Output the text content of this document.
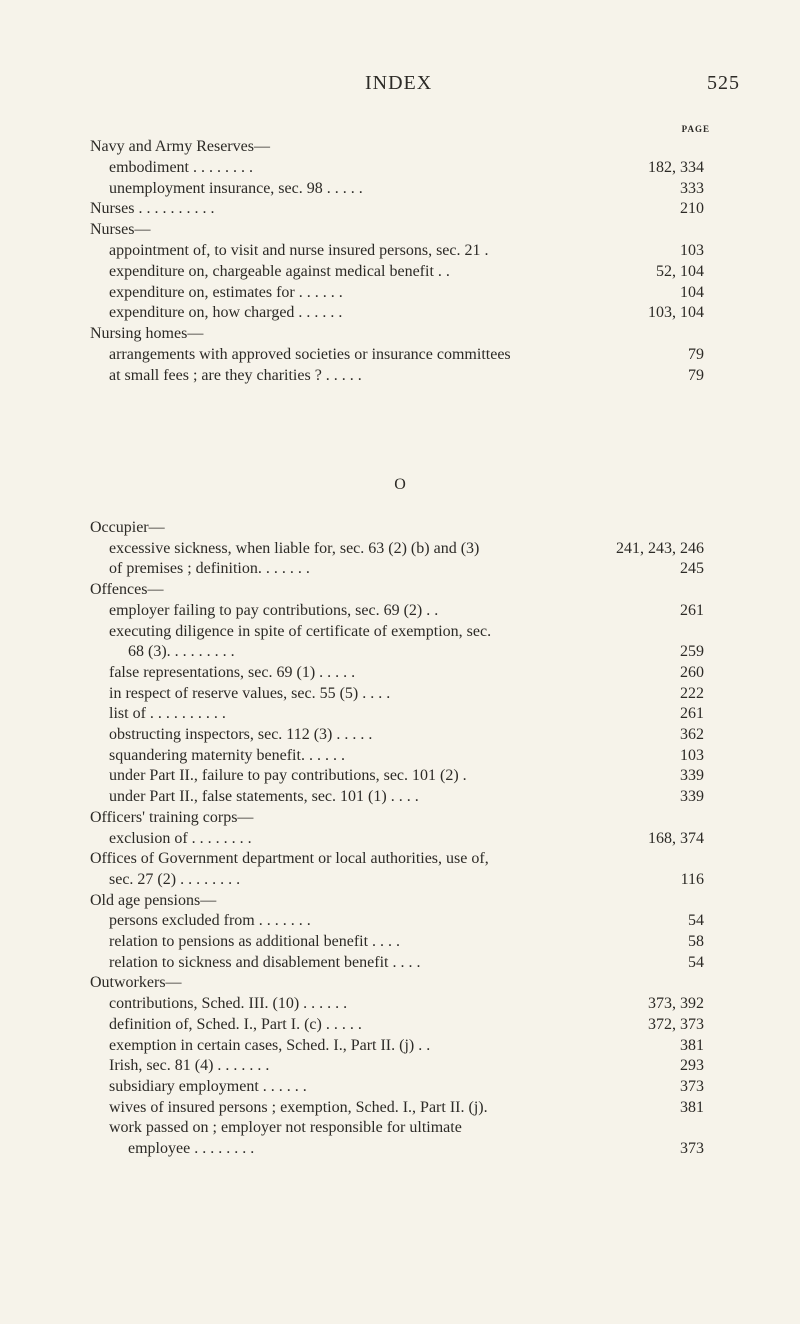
INDEX	525
PAGE
Navy and Army Reserves—
embodiment . . . . . . . .	182, 334
unemployment insurance, sec. 98 . . . . .	333
Nurses . . . . . . . . . .	210
Nurses—
appointment of, to visit and nurse insured persons, sec. 21 .	103
expenditure on, chargeable against medical benefit . .	52, 104
expenditure on, estimates for . . . . . .	104
expenditure on, how charged . . . . . .	103, 104
Nursing homes—
arrangements with approved societies or insurance committees	79
at small fees ; are they charities ? . . . . .	79
O
Occupier—
excessive sickness, when liable for, sec. 63 (2) (b) and (3)	241, 243, 246
of premises ; definition. . . . . . .	245
Offences—
employer failing to pay contributions, sec. 69 (2) . .	261
executing diligence in spite of certificate of exemption, sec.
68 (3). . . . . . . . .	259
false representations, sec. 69 (1) . . . . .	260
in respect of reserve values, sec. 55 (5) . . . .	222
list of . . . . . . . . . .	261
obstructing inspectors, sec. 112 (3) . . . . .	362
squandering maternity benefit. . . . . .	103
under Part II., failure to pay contributions, sec. 101 (2) .	339
under Part II., false statements, sec. 101 (1) . . . .	339
Officers' training corps—
exclusion of . . . . . . . .	168, 374
Offices of Government department or local authorities, use of,
sec. 27 (2) . . . . . . . .	116
Old age pensions—
persons excluded from . . . . . . .	54
relation to pensions as additional benefit . . . .	58
relation to sickness and disablement benefit . . . .	54
Outworkers—
contributions, Sched. III. (10) . . . . . .	373, 392
definition of, Sched. I., Part I. (c) . . . . .	372, 373
exemption in certain cases, Sched. I., Part II. (j) . .	381
Irish, sec. 81 (4) . . . . . . .	293
subsidiary employment . . . . . .	373
wives of insured persons ; exemption, Sched. I., Part II. (j).	381
work passed on ; employer not responsible for ultimate
employee . . . . . . . .	373
